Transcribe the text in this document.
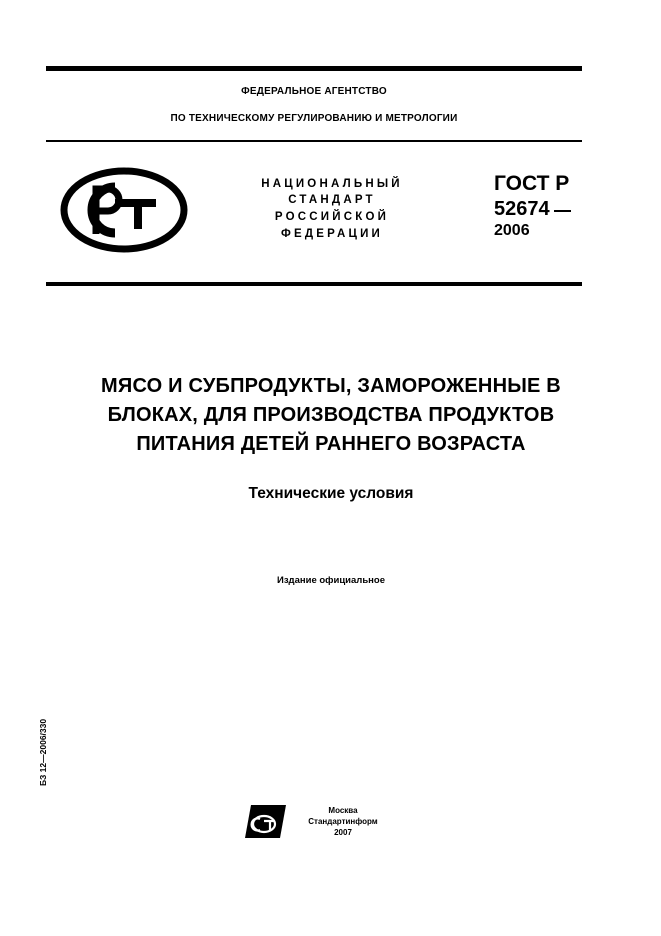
ФЕДЕРАЛЬНОЕ АГЕНТСТВО
ПО ТЕХНИЧЕСКОМУ РЕГУЛИРОВАНИЮ И МЕТРОЛОГИИ
НАЦИОНАЛЬНЫЙ
СТАНДАРТ
РОССИЙСКОЙ
ФЕДЕРАЦИИ
ГОСТ Р
52674
2006
МЯСО И СУБПРОДУКТЫ, ЗАМОРОЖЕННЫЕ В
БЛОКАХ, ДЛЯ ПРОИЗВОДСТВА ПРОДУКТОВ
ПИТАНИЯ ДЕТЕЙ РАННЕГО ВОЗРАСТА
Технические условия
Издание официальное
БЗ 12—2006/330
Москва
Стандартинформ
2007
